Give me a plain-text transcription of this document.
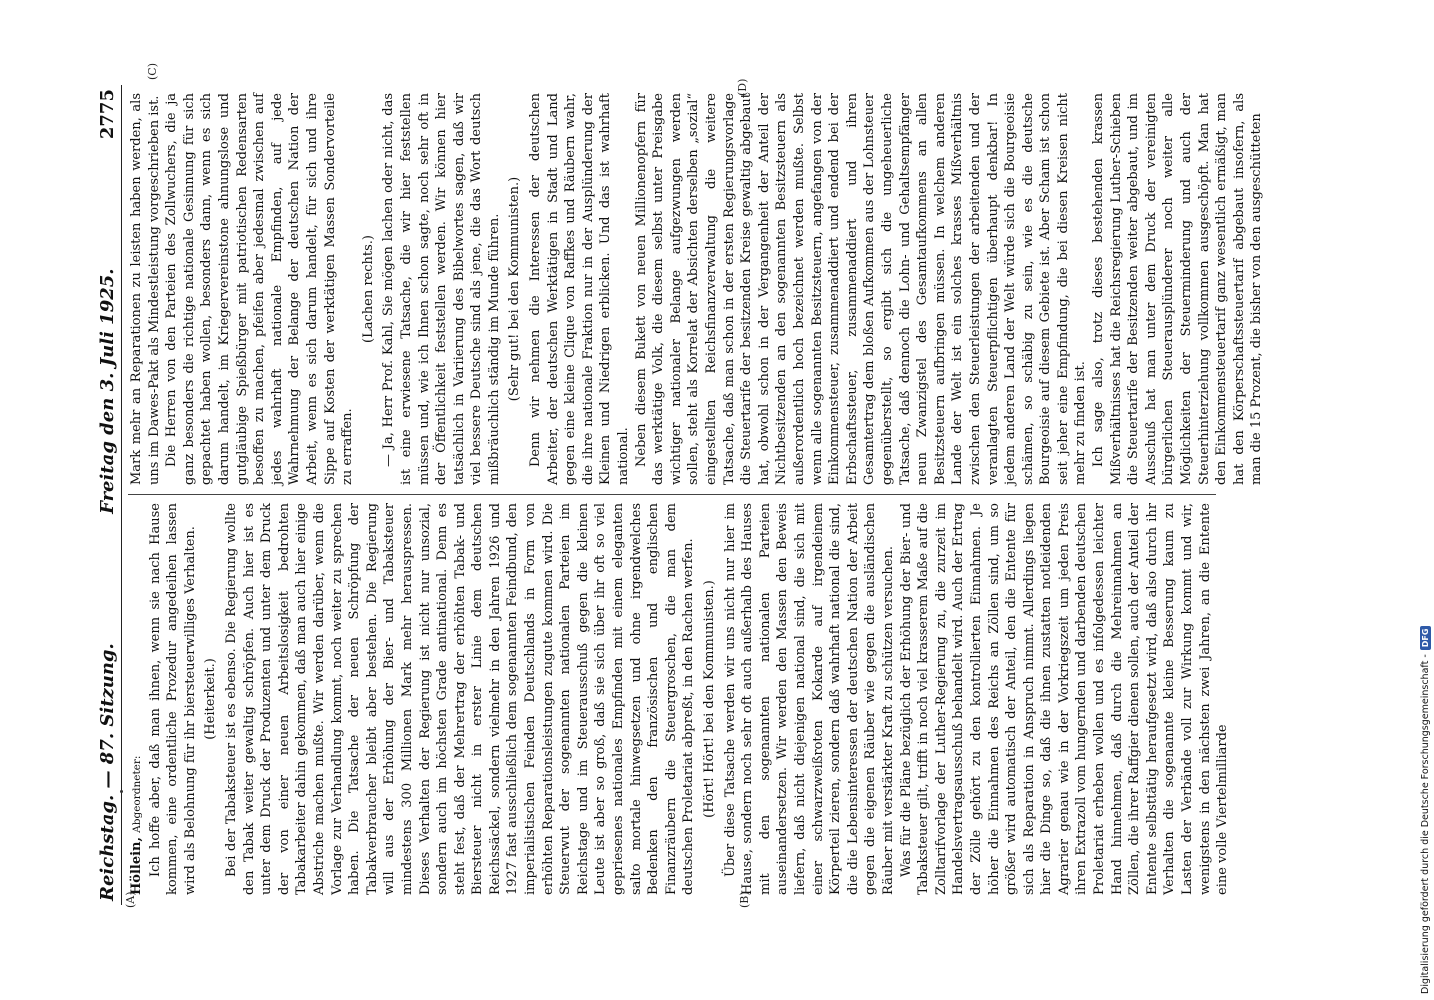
Reichstag. — 87. Sitzung.
Freitag den 3. Juli 1925.
2775

Höllein, Abgeordneter: Ich hoffe aber, daß man ihnen, wenn sie nach Hause kommen, eine ordentliche Prozedur angedeihen lassen wird als Belohnung für ihr biersteuerwilliges Verhalten. (Heiterkeit.) Bei der Tabaksteuer ist es ebenso. Die Regierung wollte den Tabak weiter gewaltig schröpfen. Auch hier ist es unter dem Druck der Produzenten und unter dem Druck der von einer neuen Arbeitslosigkeit bedrohten Tabakarbeiter dahin gekommen, daß man auch hier einige Abstriche machen mußte. Wir werden darüber, wenn die Vorlage zur Verhandlung kommt, noch weiter zu sprechen haben. Die Tatsache der neuen Schröpfung der Tabakverbraucher bleibt aber bestehen. Die Regierung will aus der Erhöhung der Bier- und Tabaksteuer mindestens 300 Millionen Mark mehr herauspressen. Dieses Verhalten der Regierung ist nicht nur unsozial, sondern auch im höchsten Grade antinational. Denn es steht fest, daß der Mehrertrag der erhöhten Tabak- und Biersteuer nicht in erster Linie dem deutschen Reichssäckel, sondern vielmehr in den Jahren 1926 und 1927 fast ausschließlich dem sogenannten Feindbund, den imperialistischen Feinden Deutschlands in Form von erhöhten Reparationsleistungen zugute kommen wird. Die Steuerwut der sogenannten nationalen Parteien im Reichstage und im Steuerausschuß gegen die kleinen Leute ist aber so groß, daß sie sich über ihr oft so viel gepriesenes nationales Empfinden mit einem eleganten salto mortale hinwegsetzen und ohne irgendwelches Bedenken den französischen und englischen Finanzräubern die Steuergroschen, die man dem deutschen Proletariat abpreßt, in den Rachen werfen. (Hört! Hört! bei den Kommunisten.) Über diese Tatsache werden wir uns nicht nur hier im Hause, sondern noch sehr oft auch außerhalb des Hauses mit den sogenannten nationalen Parteien auseinandersetzen. Wir werden den Massen den Beweis liefern, daß nicht diejenigen national sind, die sich mit einer schwarzweißroten Kokarde auf irgendeinem Körperteil zieren, sondern daß wahrhaft national die sind, die die Lebensinteressen der deutschen Nation der Arbeit gegen die eigenen Räuber wie gegen die ausländischen Räuber mit verstärkter Kraft zu schützen versuchen. Was für die Pläne bezüglich der Erhöhung der Bier- und Tabaksteuer gilt, trifft in noch viel krasserem Maße auf die Zolltarifvorlage der Luther-Regierung zu, die zurzeit im Handelsvertragsausschuß behandelt wird. Auch der Ertrag der Zölle gehört zu den kontrollierten Einnahmen. Je höher die Einnahmen des Reichs an Zöllen sind, um so größer wird automatisch der Anteil, den die Entente für sich als Reparation in Anspruch nimmt. Allerdings liegen hier die Dinge so, daß die ihnen zustatten notleidenden Agrarier genau wie in der Vorkriegszeit um jeden Preis ihren Extrazoll vom hungernden und darbenden deutschen Proletariat erheben wollen und es infolgedessen leichter Hand hinnehmen, daß durch die Mehreinnahmen an Zöllen, die ihrer Raffgier dienen sollen, auch der Anteil der Entente selbsttätig heraufgesetzt wird, daß also durch ihr Verhalten die sogenannte kleine Besserung kaum zu Lasten der Verbände voll zur Wirkung kommt und wir, wenigstens in den nächsten zwei Jahren, an die Entente eine volle Viertelmilliarde

Mark mehr an Reparationen zu leisten haben werden, als uns im Dawes-Pakt als Mindestleistung vorgeschrieben ist. Die Herren von den Parteien des Zollwuchers, die ja ganz besonders die richtige nationale Gesinnung für sich gepachtet haben wollen, besonders dann, wenn es sich darum handelt, im Kriegervereinstone ahnungslose und gutgläubige Spießbürger mit patriotischen Redensarten besoffen zu machen, pfeifen aber jedesmal zwischen auf jedes wahrhaft nationale Empfinden, auf jede Wahrnehmung der Belange der deutschen Nation der Arbeit, wenn es sich darum handelt, für sich und ihre Sippe auf Kosten der werktätigen Massen Sondervorteile zu erraffen.

(Lachen rechts.) — Ja, Herr Prof. Kahl, Sie mögen lachen oder nicht, das ist eine erwiesene Tatsache, die wir hier feststellen müssen und, wie ich Ihnen schon sagte, noch sehr oft in der Öffentlichkeit feststellen werden. Wir können hier tatsächlich in Variierung des Bibelwortes sagen, daß wir viel bessere Deutsche sind als jene, die das Wort deutsch mißbräuchlich ständig im Munde führen. (Sehr gut! bei den Kommunisten.) Denn wir nehmen die Interessen der deutschen Arbeiter, der deutschen Werktätigen in Stadt und Land gegen eine kleine Clique von Raffkes und Räubern wahr, die ihre nationale Fraktion nur in der Ausplünderung der Kleinen und Niedrigen erblicken. Und das ist wahrhaft national. Neben diesem Bukett von neuen Millionenopfern für das werktätige Volk, die diesem selbst unter Preisgabe wichtiger nationaler Belange aufgezwungen werden sollen, steht als Korrelat der Absichten derselben „sozial“ eingestellten Reichsfinanzverwaltung die weitere Tatsache, daß man schon in der ersten Regierungsvorlage die Steuertarife der besitzenden Kreise gewaltig abgebaut hat, obwohl schon in der Vergangenheit der Anteil der Nichtbesitzenden an den sogenannten Besitzsteuern als außerordentlich hoch bezeichnet werden mußte. Selbst wenn alle sogenannten Besitzsteuern, angefangen von der Einkommensteuer, zusammenaddiert und endend bei der Erbschaftssteuer, zusammenaddiert und ihren Gesamtertrag dem bloßen Aufkommen aus der Lohnsteuer gegenüberstellt, so ergibt sich die ungeheuerliche Tatsache, daß dennoch die Lohn- und Gehaltsempfänger neun Zwanzigstel des Gesamtaufkommens an allen Besitzsteuern aufbringen müssen. In welchem anderen Lande der Welt ist ein solches krasses Mißverhältnis zwischen den Steuerleistungen der arbeitenden und der veranlagten Steuerpflichtigen überhaupt denkbar! In jedem anderen Land der Welt würde sich die Bourgeoisie schämen, so schäbig zu sein, wie es die deutsche Bourgeoisie auf diesem Gebiete ist. Aber Scham ist schon seit jeher eine Empfindung, die bei diesen Kreisen nicht mehr zu finden ist. Ich sage also, trotz dieses bestehenden krassen Mißverhältnisses hat die Reichsregierung Luther-Schieben die Steuertarife der Besitzenden weiter abgebaut, und im Ausschuß hat man unter dem Druck der vereinigten bürgerlichen Steuerausplünderer noch weiter alle Möglichkeiten der Steuerminderung und auch der Steuerhinterziehung vollkommen ausgeschöpft. Man hat den Einkommensteuertarif ganz wesentlich ermäßigt, man hat den Körperschaftssteuertarif abgebaut insofern, als man die 15 Prozent, die bisher von den ausgeschütteten

(A)	(B)
(C)
(D)
Digitalisierung gefördert durch die Deutsche Forschungsgemeinschaft -
DFG
